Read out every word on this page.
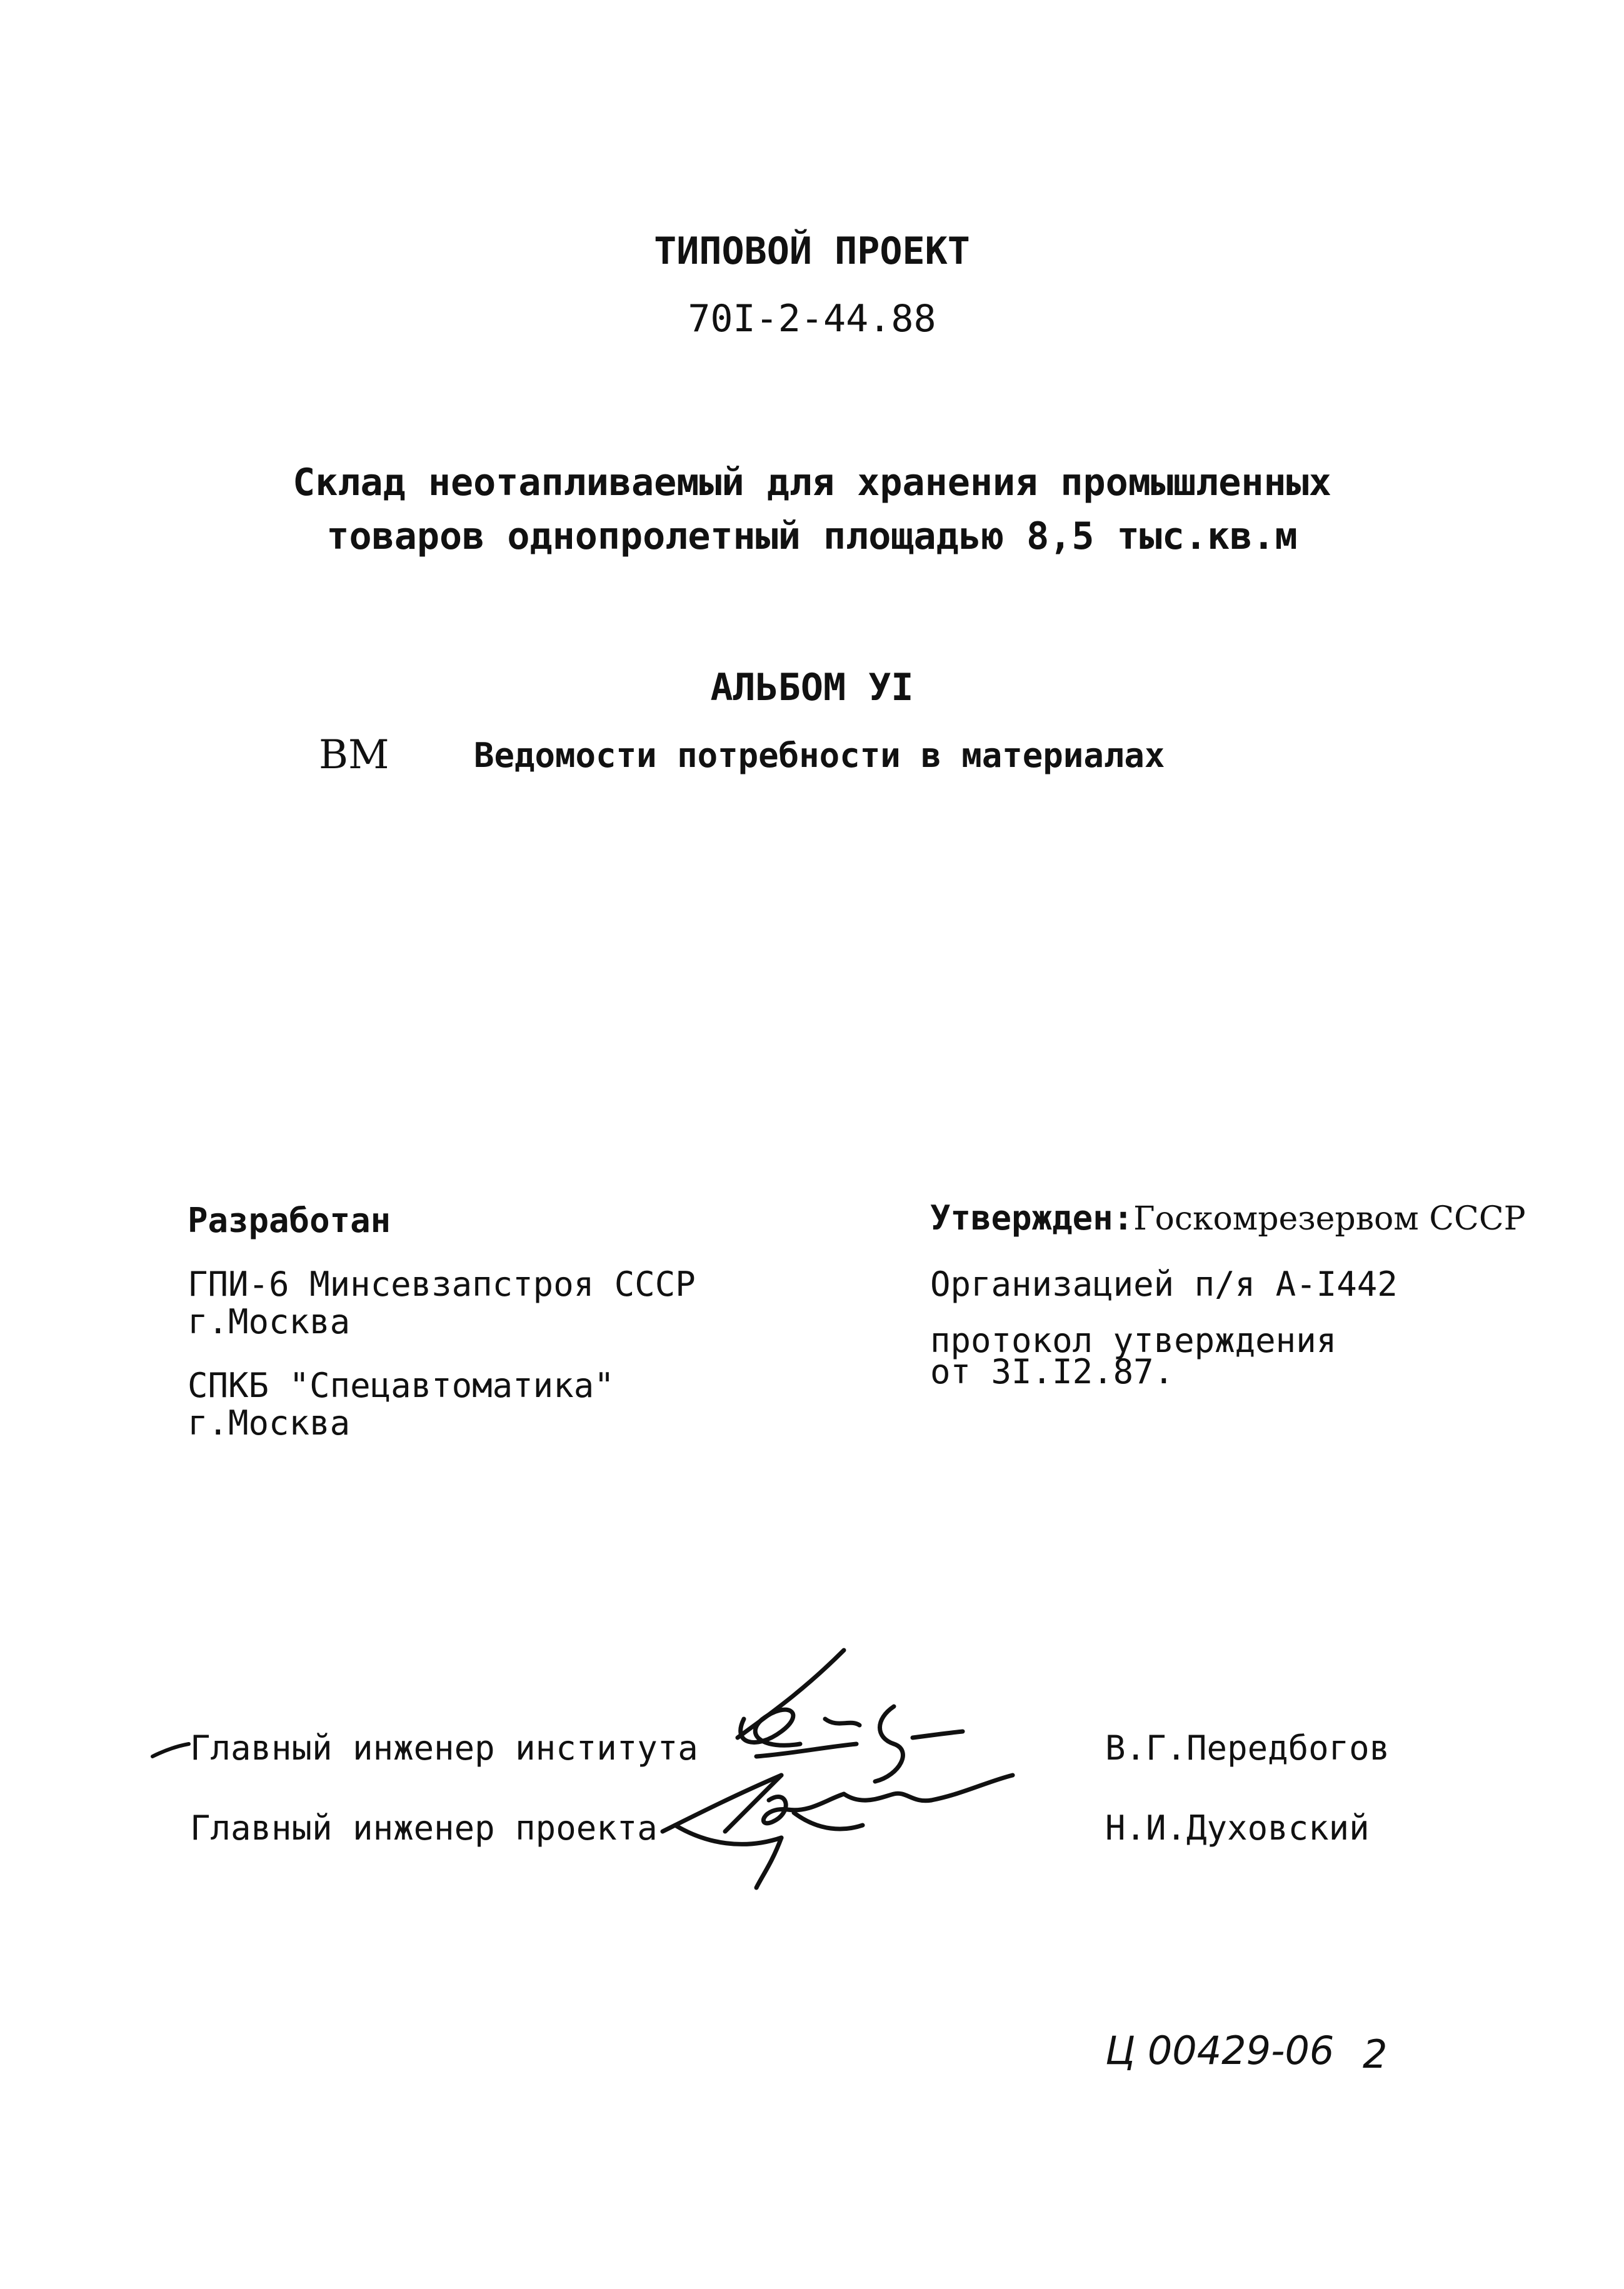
ТИПОВОЙ ПРОЕКТ
70I-2-44.88
Склад неотапливаемый для хранения промышленных
товаров однопролетный площадью 8,5 тыс.кв.м
АЛЬБОМ УI
ВМ	Ведомости потребности в материалах
Разработан
ГПИ-6 Минсевзапстроя СССР
г.Москва
СПКБ "Спецавтоматика"
г.Москва
Утвержден:Госкомрезервом СССР
Организацией п/я А-I442
протокол утверждения
от 3I.I2.87.
Главный инженер института
Главный инженер проекта
В.Г.Передбогов
Н.И.Духовский
Ц 00429-06 2
